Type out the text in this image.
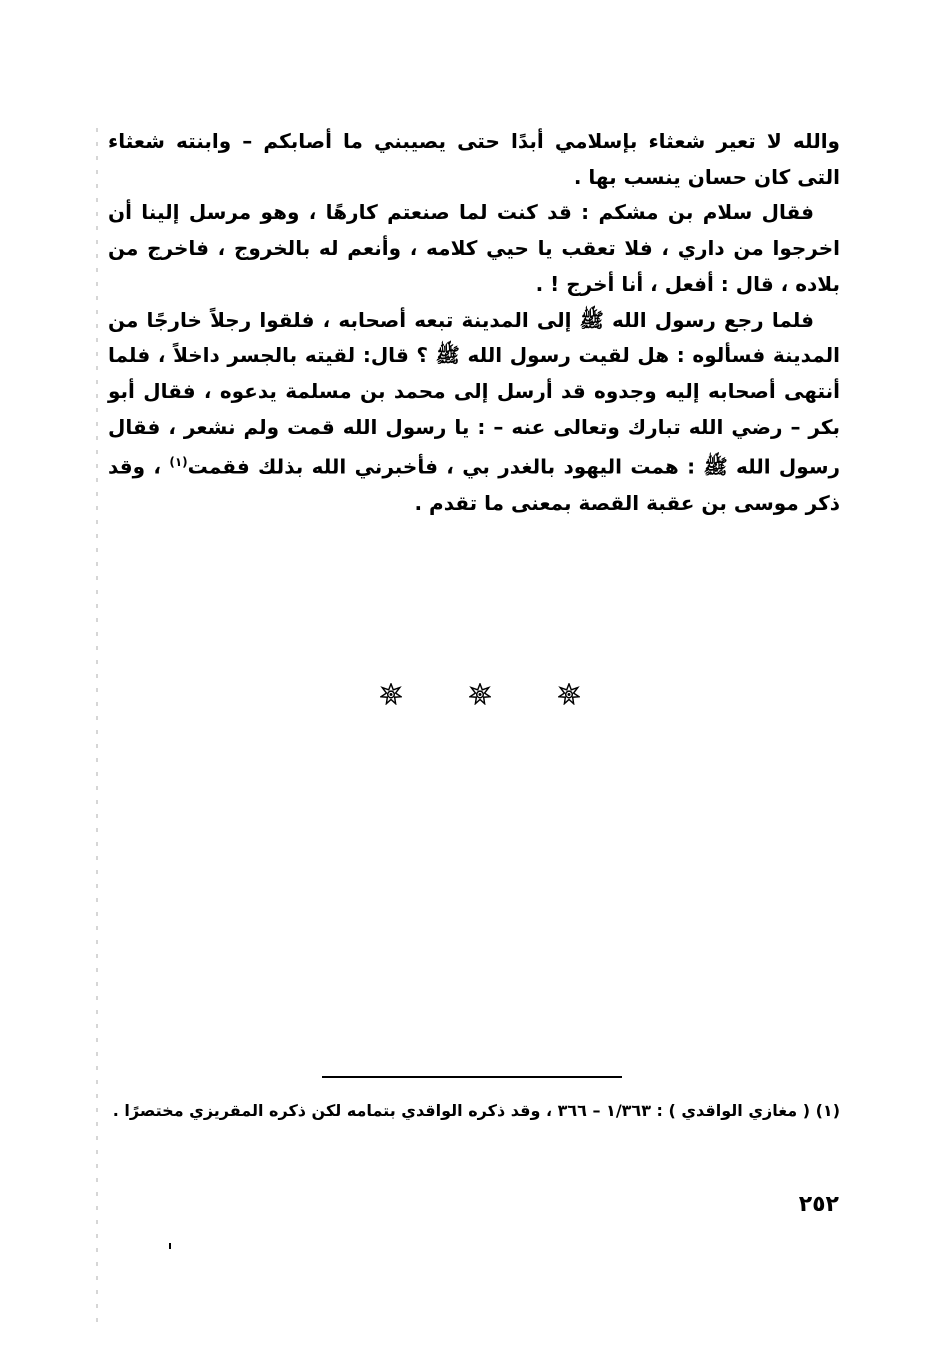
والله لا تعير شعثاء بإسلامي أبدًا حتى يصيبني ما أصابكم – وابنته شعثاء التى كان حسان ينسب بها .

فقال سلام بن مشكم : قد كنت لما صنعتم كارهًا ، وهو مرسل إلينا أن اخرجوا من داري ، فلا تعقب يا حيي كلامه ، وأنعم له بالخروج ، فاخرج من بلاده ، قال : أفعل ، أنا أخرج ! .

فلما رجع رسول الله ﷺ إلى المدينة تبعه أصحابه ، فلقوا رجلاً خارجًا من المدينة فسألوه : هل لقيت رسول الله ﷺ ؟ قال: لقيته بالجسر داخلاً ، فلما أنتهى أصحابه إليه وجدوه قد أرسل إلى محمد بن مسلمة يدعوه ، فقال أبو بكر – رضي الله تبارك وتعالى عنه – : يا رسول الله قمت ولم نشعر ، فقال رسول الله ﷺ : همت اليهود بالغدر بي ، فأخبرني الله بذلك فقمت$^{(١)}$ ، وقد ذكر موسى بن عقبة القصة بمعنى ما تقدم .

(١) ( مغازي الواقدي ) : ١/٣٦٣ – ٣٦٦ ، وقد ذكره الواقدي بتمامه لكن ذكره المقريزي مختصرًا .

٢٥٢
